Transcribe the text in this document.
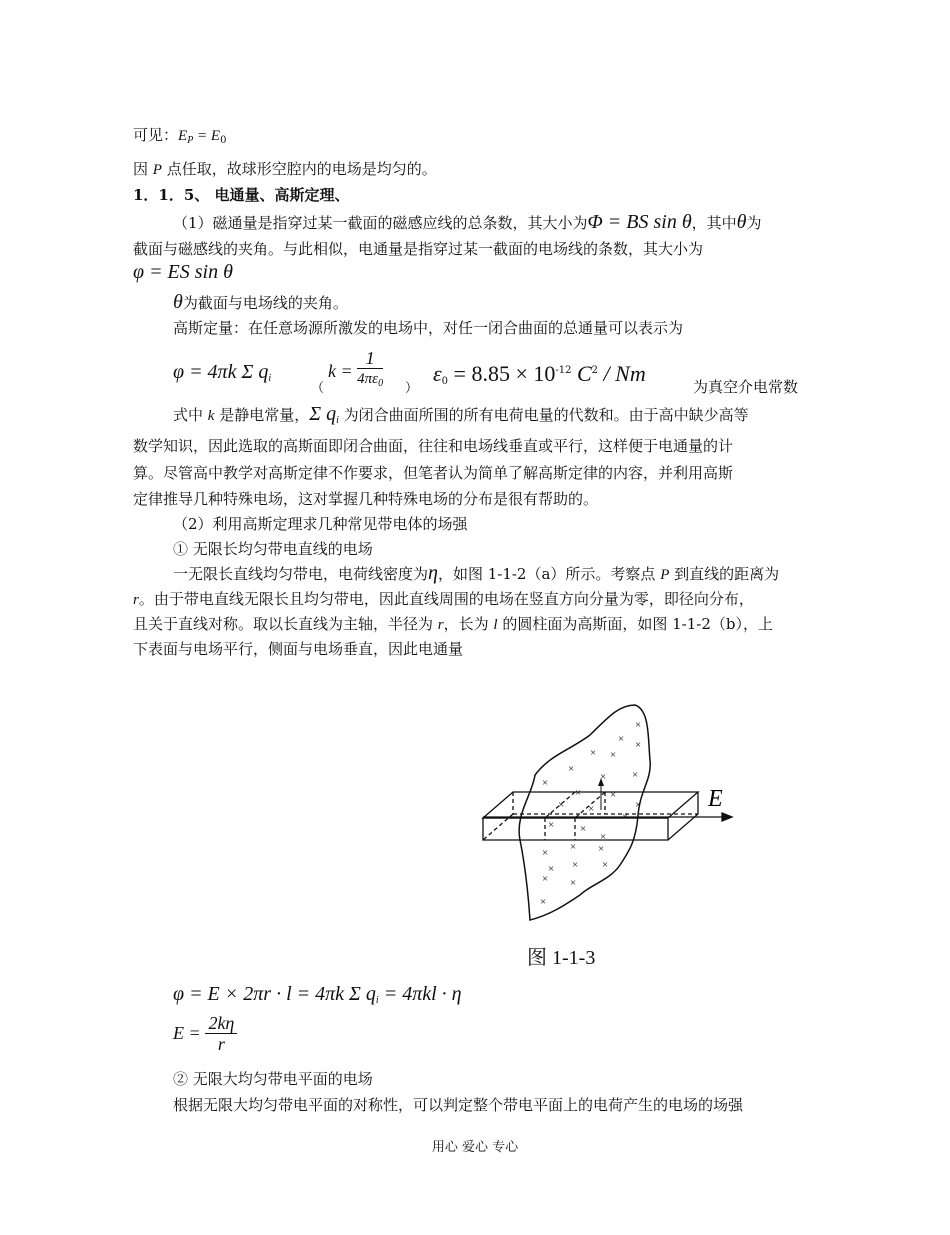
可见：$E_P = E_0$
因 P 点任取，故球形空腔内的电场是均匀的。
1．1．5、 电通量、高斯定理、
（1）磁通量是指穿过某一截面的磁感应线的总条数，其大小为Φ = BS sin θ，其中θ为
截面与磁感线的夹角。与此相似，电通量是指穿过某一截面的电场线的条数，其大小为
φ = ES sin θ
θ为截面与电场线的夹角。
高斯定量：在任意场源所激发的电场中，对任一闭合曲面的总通量可以表示为
φ = 4πk Σ $q_i$
（
$k = \frac{1}{4\pi\varepsilon_0}$ ）
$\varepsilon_0 = 8.85 \times 10^{-12}$ $C^2$ / Nm
为真空介电常数
式中 k 是静电常量，Σ $q_i$ 为闭合曲面所围的所有电荷电量的代数和。由于高中缺少高等
数学知识，因此选取的高斯面即闭合曲面，往往和电场线垂直或平行，这样便于电通量的计
算。尽管高中教学对高斯定律不作要求，但笔者认为简单了解高斯定律的内容，并利用高斯
定律推导几种特殊电场，这对掌握几种特殊电场的分布是很有帮助的。
（2）利用高斯定理求几种常见带电体的场强
① 无限长均匀带电直线的电场
一无限长直线均匀带电，电荷线密度为η，如图 1-1-2（a）所示。考察点 P 到直线的距离为
r。由于带电直线无限长且均匀带电，因此直线周围的电场在竖直方向分量为零，即径向分布，
且关于直线对称。取以长直线为主轴，半径为 r，长为 l 的圆柱面为高斯面，如图 1-1-2（b），上
下表面与电场平行，侧面与电场垂直，因此电通量
E
×
× ×
×
×
×
× ×
×
×	×
×
× ×
×
× ×
×
× × ×
× × ×
× ×
×
图 1-1-3
φ = E × 2πr · l = 4πk Σ $q_i = 4\pi kl \cdot \eta$
$E = \frac{2k\eta}{r}$
② 无限大均匀带电平面的电场
根据无限大均匀带电平面的对称性，可以判定整个带电平面上的电荷产生的电场的场强
用心 爱心 专心
